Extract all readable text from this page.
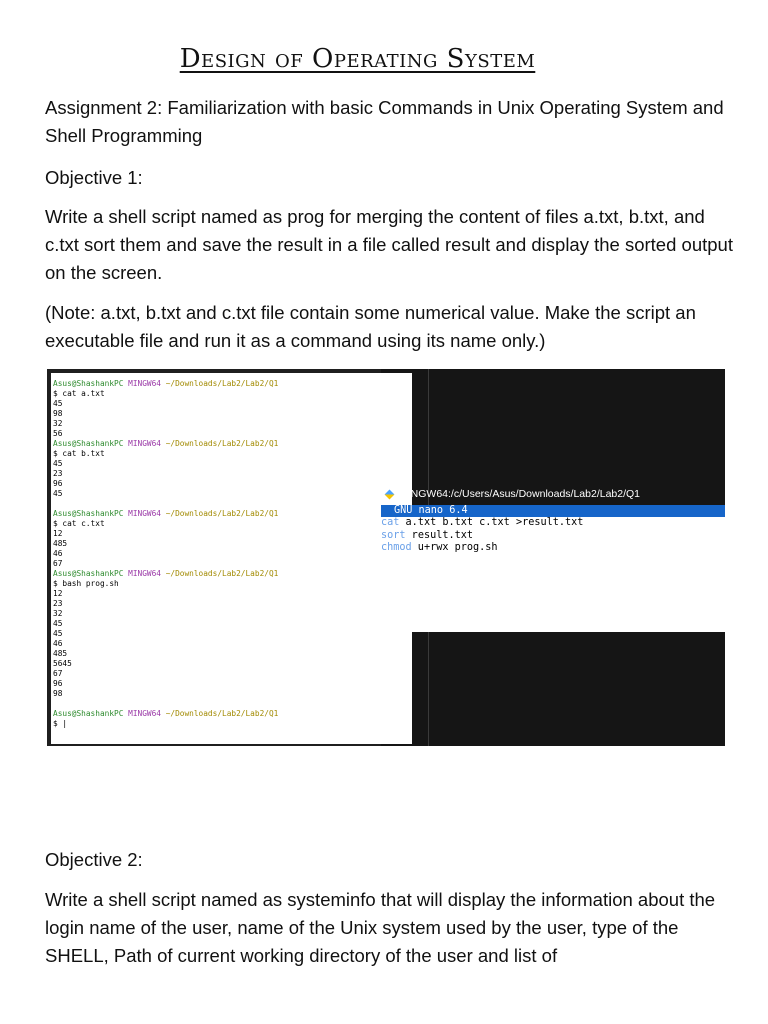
Design of Operating System

Assignment 2: Familiarization with basic Commands in Unix Operating System and Shell Programming

Objective 1:

Write a shell script named as prog for merging the content of files a.txt, b.txt, and c.txt sort them and save the result in a file called result and display the sorted output on the screen.

(Note: a.txt, b.txt and c.txt file contain some numerical value. Make the script an executable file and run it as a command using its name only.)

Asus@ShashankPC MINGW64 ~/Downloads/Lab2/Lab2/Q1
$ cat a.txt
45
98
32
56
Asus@ShashankPC MINGW64 ~/Downloads/Lab2/Lab2/Q1
$ cat b.txt
45
23
96
45
Asus@ShashankPC MINGW64 ~/Downloads/Lab2/Lab2/Q1
$ cat c.txt
12
485
46
67
Asus@ShashankPC MINGW64 ~/Downloads/Lab2/Lab2/Q1
$ bash prog.sh
12
23
32
45
45
46
485
5645
67
96
98
Asus@ShashankPC MINGW64 ~/Downloads/Lab2/Lab2/Q1
$ |
MINGW64:/c/Users/Asus/Downloads/Lab2/Lab2/Q1
GNU nano 6.4
cat a.txt b.txt c.txt >result.txt
sort result.txt
chmod u+rwx prog.sh

Objective 2:

Write a shell script named as systeminfo that will display the information about the login name of the user, name of the Unix system used by the user, type of the SHELL, Path of current working directory of the user and list of
